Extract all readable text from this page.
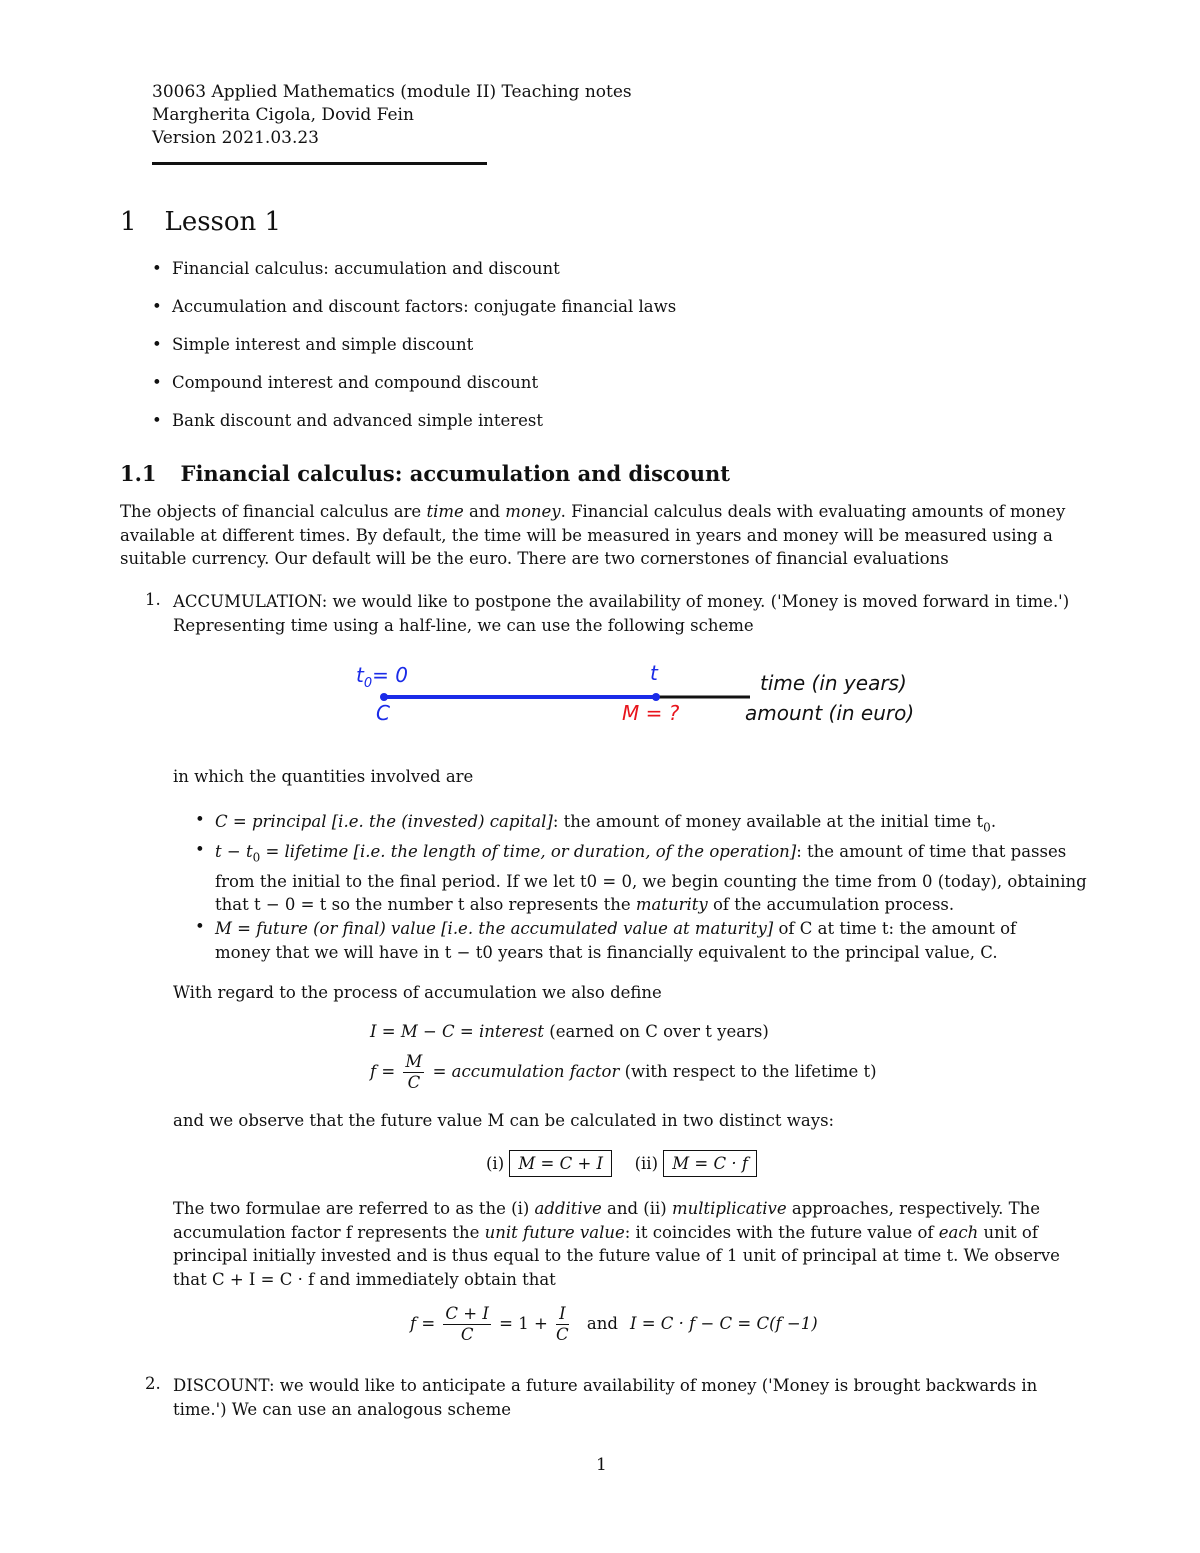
30063 Applied Mathematics (module II) Teaching notes
Margherita Cigola, Dovid Fein
Version 2021.03.23
1 Lesson 1
• Financial calculus: accumulation and discount
• Accumulation and discount factors: conjugate financial laws
• Simple interest and simple discount
• Compound interest and compound discount
• Bank discount and advanced simple interest
1.1 Financial calculus: accumulation and discount
The objects of financial calculus are time and money. Financial calculus deals with evaluating amounts of money
available at different times. By default, the time will be measured in years and money will be measured using a
suitable currency. Our default will be the euro. There are two cornerstones of financial evaluations
1. ACCUMULATION: we would like to postpone the availability of money. ('Money is moved forward in time.')
Representing time using a half-line, we can use the following scheme
$t_0= 0$	t
C	M = ?
time (in years)
amount (in euro)
in which the quantities involved are
• C = principal [i.e. the (invested) capital]: the amount of money available at the initial time $t_0$.
• $t - t_0$ = lifetime [i.e. the length of time, or duration, of the operation]: the amount of time that passes
from the initial to the final period. If we let t0 = 0, we begin counting the time from 0 (today), obtaining
that t − 0 = t so the number t also represents the maturity of the accumulation process.
• M = future (or final) value [i.e. the accumulated value at maturity] of C at time t: the amount of
money that we will have in t − t0 years that is financially equivalent to the principal value, C.
With regard to the process of accumulation we also define
I = M − C = interest (earned on C over t years)
$f = \frac{M}{C}$ = accumulation factor (with respect to the lifetime t)
and we observe that the future value M can be calculated in two distinct ways:
(i) M = C + I (ii) M = C · f
The two formulae are referred to as the (i) additive and (ii) multiplicative approaches, respectively. The
accumulation factor f represents the unit future value: it coincides with the future value of each unit of
principal initially invested and is thus equal to the future value of 1 unit of principal at time t. We observe
that C + I = C · f and immediately obtain that
$f = \frac{C + I}{C} = 1 + \frac{I}{C}$ and I = C · f − C = C(f −1)
2. DISCOUNT: we would like to anticipate a future availability of money ('Money is brought backwards in
time.') We can use an analogous scheme
1
